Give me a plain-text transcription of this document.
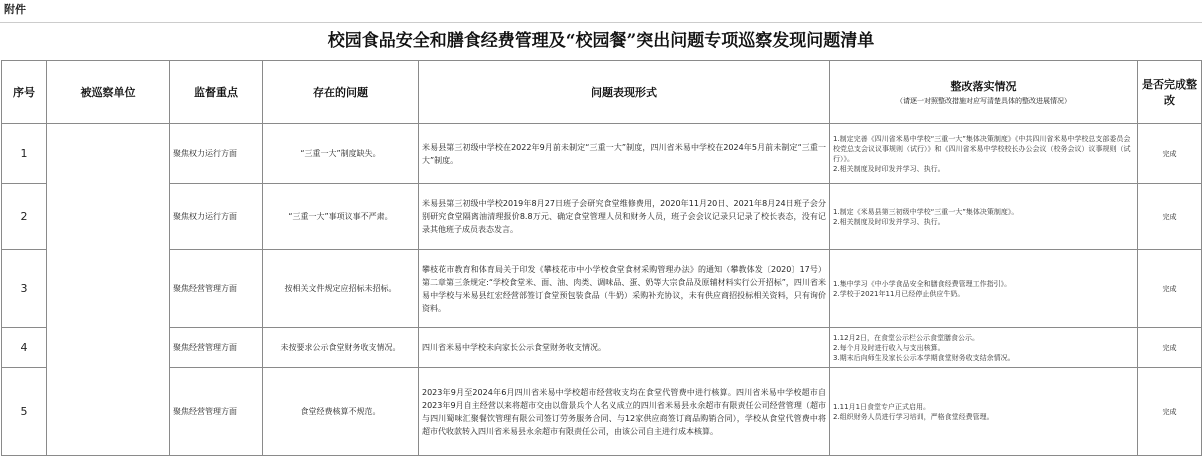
附件
校园食品安全和膳食经费管理及“校园餐”突出问题专项巡察发现问题清单
序号	被巡察单位	监督重点	存在的问题	问题表现形式	整改落实情况
（请逐一对照整改措施对应写清楚具体的整改进展情况）	是否完成整改
1		聚焦权力运行方面	“三重一大”制度缺失。	米易县第三初级中学校在2022年9月前未制定“三重一大”制度，四川省米易中学校在2024年5月前未制定“三重一大”制度。	1.制定完善《四川省米易中学校“三重一大”集体决策制度》《中共四川省米易中学校总支部委员会校党总支会议议事规则（试行）》和《四川省米易中学校校长办公会议（校务会议）议事规则（试行）》。
2.相关制度及时印发并学习、执行。	完成
2		聚焦权力运行方面	“三重一大”事项议事不严肃。	米易县第三初级中学校2019年8月27日班子会研究食堂维修费用，2020年11月20日、2021年8月24日班子会分别研究食堂隔离油清理报价8.8万元、确定食堂管理人员和财务人员，班子会会议记录只记录了校长表态，没有记录其他班子成员表态发言。	1.制定《米易县第三初级中学校“三重一大”集体决策制度》。
2.相关制度及时印发并学习、执行。	完成
3		聚焦经营管理方面	按相关文件规定应招标未招标。	攀枝花市教育和体育局关于印发《攀枝花市中小学校食堂食材采购管理办法》的通知（攀教体发〔2020〕17号）第二章第三条规定:“学校食堂米、面、油、肉类、调味品、蛋、奶等大宗食品及原辅材料实行公开招标”，四川省米易中学校与米易县红宏经营部签订食堂预包装食品（牛奶）采购补充协议，未有供应商招投标相关资料，只有询价资料。	1.集中学习《中小学食品安全和膳食经费管理工作指引》。
2.学校于2021年11月已经停止供应牛奶。	完成
4		聚焦经营管理方面	未按要求公示食堂财务收支情况。	四川省米易中学校未向家长公示食堂财务收支情况。	1.12月2日，在食堂公示栏公示食堂膳食公示。
2.每个月及时进行收入与支出核算。
3.期末后向师生及家长公示本学期食堂财务收支结余情况。	完成
5		聚焦经营管理方面	食堂经费核算不规范。	2023年9月至2024年6月四川省米易中学校超市经营收支均在食堂代管费中进行核算。四川省米易中学校超市自2023年9月自主经营以来将超市交由以詹景兵个人名义成立的四川省米易县永余超市有限责任公司经营管理（超市与四川蜀味汇聚餐饮管理有限公司签订劳务服务合同、与12家供应商签订商品购销合同），学校从食堂代管费中将超市代收款转入四川省米易县永余超市有限责任公司，由该公司自主进行成本核算。	1.11月1日食堂专户正式启用。
2.组织财务人员进行学习培训，严格食堂经费管理。	完成
